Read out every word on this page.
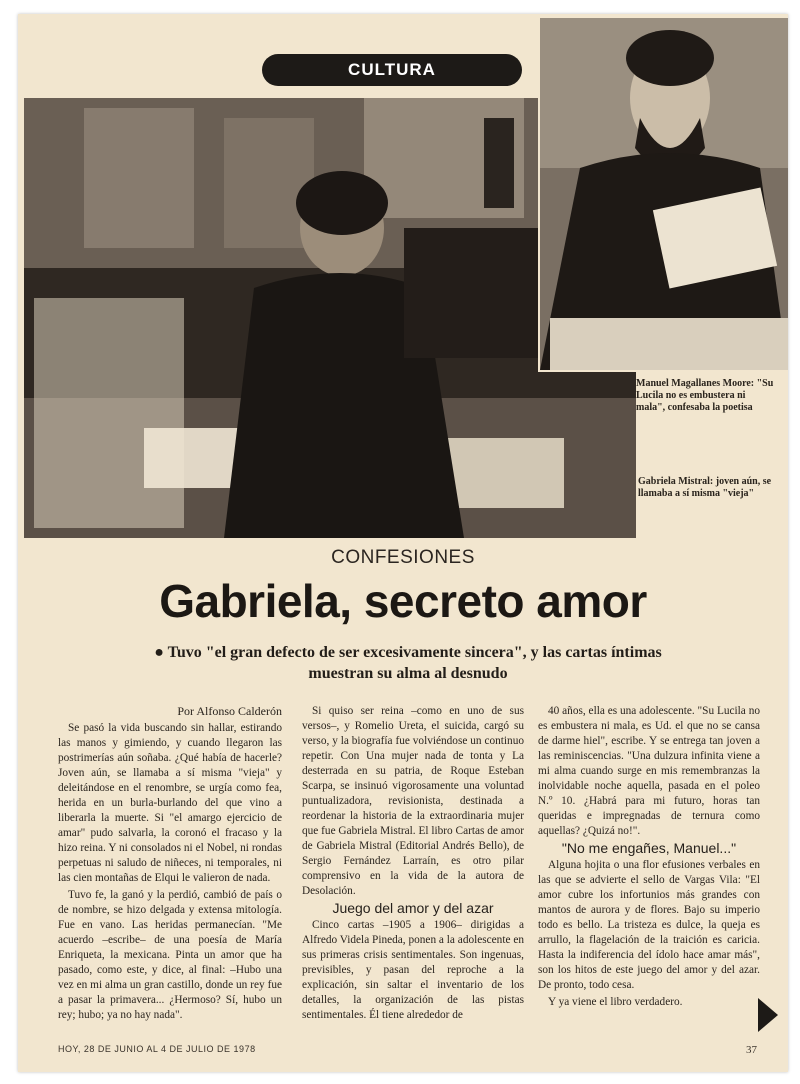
CULTURA
Manuel Magallanes Moore: "Su Lucila no es embustera ni mala", confesaba la poetisa
Gabriela Mistral: joven aún, se llamaba a sí misma "vieja"
CONFESIONES
Gabriela, secreto amor
● Tuvo "el gran defecto de ser excesivamente sincera", y las cartas íntimas muestran su alma al desnudo

Por Alfonso Calderón

Se pasó la vida buscando sin hallar, estirando las manos y gimiendo, y cuando llegaron las postrimerías aún soñaba. ¿Qué había de hacerle? Joven aún, se llamaba a sí misma "vieja" y deleitándose en el renombre, se urgía como fea, herida en un burla-burlando del que vino a liberarla la muerte. Si "el amargo ejercicio de amar" pudo salvarla, la coronó el fracaso y la hizo reina. Y ni consolados ni el Nobel, ni rondas perpetuas ni saludo de niñeces, ni temporales, ni las cien montañas de Elqui le valieron de nada.

Tuvo fe, la ganó y la perdió, cambió de país o de nombre, se hizo delgada y extensa mitología. Fue en vano. Las heridas permanecían. "Me acuerdo –escribe– de una poesía de María Enriqueta, la mexicana. Pinta un amor que ha pasado, como este, y dice, al final: –Hubo una vez en mi alma un gran castillo, donde un rey fue a pasar la primavera... ¿Hermoso? Sí, hubo un rey; hubo; ya no hay nada".

Si quiso ser reina –como en uno de sus versos–, y Romelio Ureta, el suicida, cargó su verso, y la biografía fue volviéndose un continuo repetir. Con Una mujer nada de tonta y La desterrada en su patria, de Roque Esteban Scarpa, se insinuó vigorosamente una voluntad puntualizadora, revisionista, destinada a reordenar la historia de la extraordinaria mujer que fue Gabriela Mistral. El libro Cartas de amor de Gabriela Mistral (Editorial Andrés Bello), de Sergio Fernández Larraín, es otro pilar comprensivo en la vida de la autora de Desolación.

Juego del amor y del azar

Cinco cartas –1905 a 1906– dirigidas a Alfredo Videla Pineda, ponen a la adolescente en sus primeras crisis sentimentales. Son ingenuas, previsibles, y pasan del reproche a la explicación, sin saltar el inventario de los detalles, la organización de las pistas sentimentales. Él tiene alrededor de

40 años, ella es una adolescente. "Su Lucila no es embustera ni mala, es Ud. el que no se cansa de darme hiel", escribe. Y se entrega tan joven a las reminiscencias. "Una dulzura infinita viene a mi alma cuando surge en mis remembranzas la inolvidable noche aquella, pasada en el poleo N.º 10. ¿Habrá para mi futuro, horas tan queridas e impregnadas de ternura como aquellas? ¿Quizá no!".

"No me engañes, Manuel..."

Alguna hojita o una flor efusiones verbales en las que se advierte el sello de Vargas Vila: "El amor cubre los infortunios más grandes con mantos de aurora y de flores. Bajo su imperio todo es bello. La tristeza es dulce, la queja es arrullo, la flagelación de la traición es caricia. Hasta la indiferencia del ídolo hace amar más", son los hitos de este juego del amor y del azar. De pronto, todo cesa.

Y ya viene el libro verdadero.

HOY, 28 DE JUNIO AL 4 DE JULIO DE 1978	37
